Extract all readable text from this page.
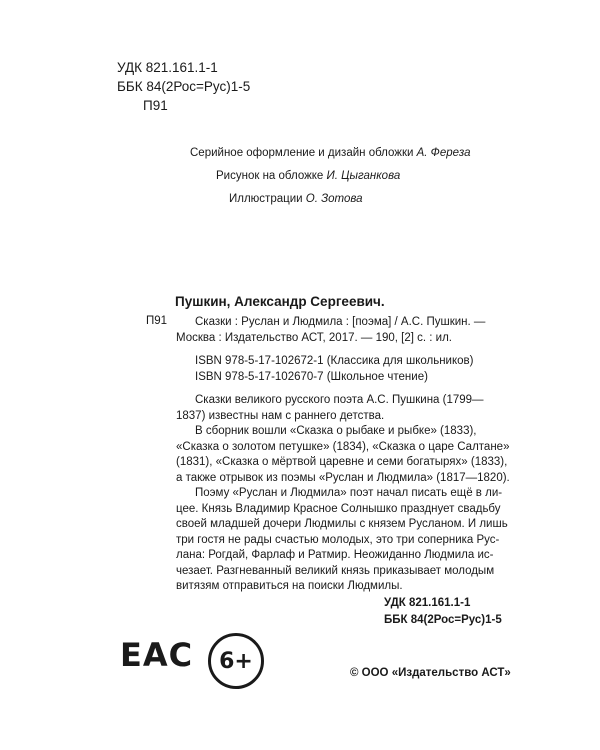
УДК 821.161.1-1
ББК 84(2Рос=Рус)1-5
П91
Серийное оформление и дизайн обложки А. Фереза
Рисунок на обложке И. Цыганкова
Иллюстрации О. Зотова
Пушкин, Александр Сергеевич.
П91 Сказки : Руслан и Людмила : [поэма] / А.С. Пушкин. —
Москва : Издательство АСТ, 2017. — 190, [2] с. : ил.
ISBN 978-5-17-102672-1 (Классика для школьников)
ISBN 978-5-17-102670-7 (Школьное чтение)
Сказки великого русского поэта А.С. Пушкина (1799—
1837) известны нам с раннего детства.
В сборник вошли «Сказка о рыбаке и рыбке» (1833),
«Сказка о золотом петушке» (1834), «Сказка о царе Салтане»
(1831), «Сказка о мёртвой царевне и семи богатырях» (1833),
а также отрывок из поэмы «Руслан и Людмила» (1817—1820).
Поэму «Руслан и Людмила» поэт начал писать ещё в ли-
цее. Князь Владимир Красное Солнышко празднует свадьбу
своей младшей дочери Людмилы с князем Русланом. И лишь
три гостя не рады счастью молодых, это три соперника Рус-
лана: Рогдай, Фарлаф и Ратмир. Неожиданно Людмила ис-
чезает. Разгневанный великий князь приказывает молодым
витязям отправиться на поиски Людмилы.
УДК 821.161.1-1
ББК 84(2Рос=Рус)1-5
EAC 6+	© ООО «Издательство АСТ»
